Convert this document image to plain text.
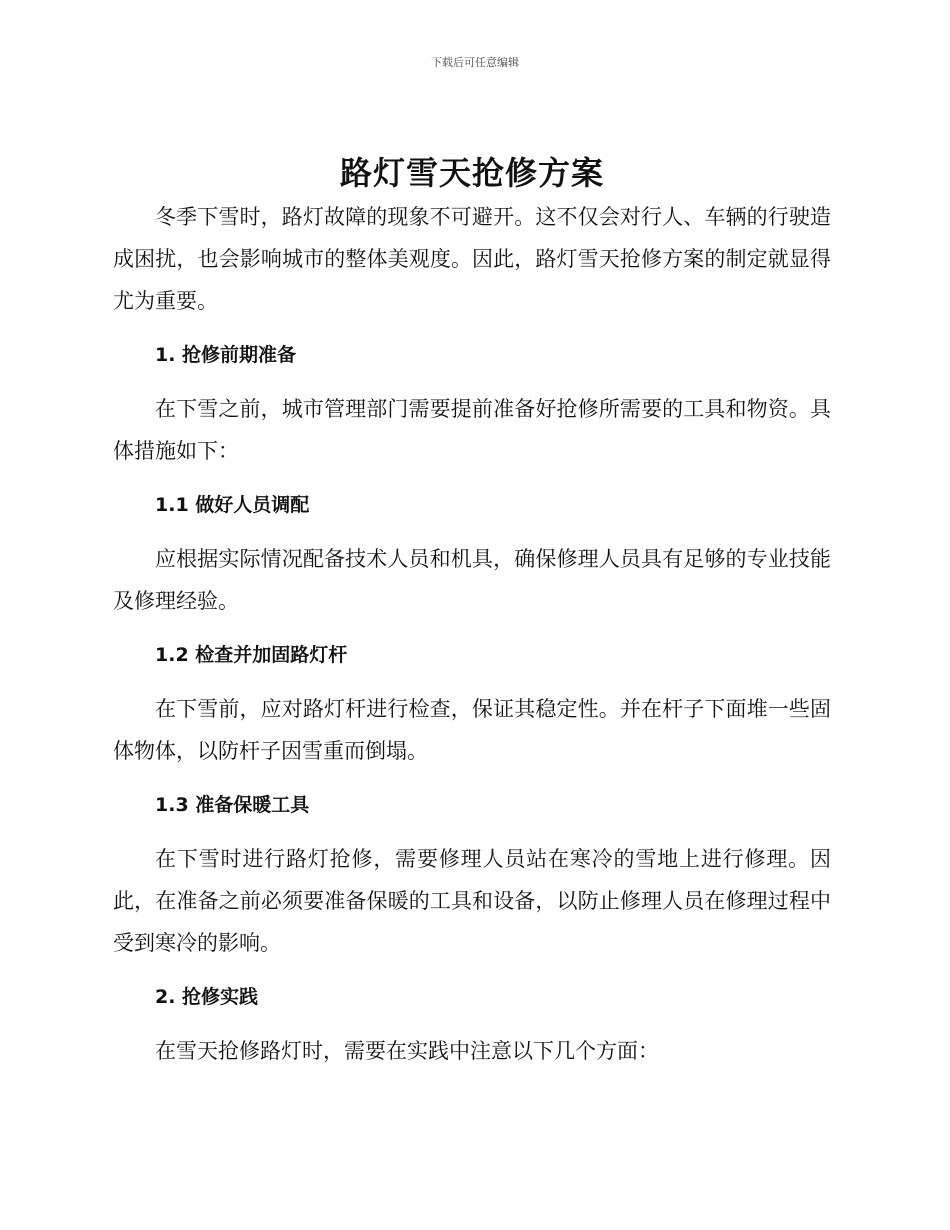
下载后可任意编辑
路灯雪天抢修方案

冬季下雪时，路灯故障的现象不可避开。这不仅会对行人、车辆的行驶造成困扰，也会影响城市的整体美观度。因此，路灯雪天抢修方案的制定就显得尤为重要。

1. 抢修前期准备

在下雪之前，城市管理部门需要提前准备好抢修所需要的工具和物资。具体措施如下：

1.1 做好人员调配

应根据实际情况配备技术人员和机具，确保修理人员具有足够的专业技能及修理经验。

1.2 检查并加固路灯杆

在下雪前，应对路灯杆进行检查，保证其稳定性。并在杆子下面堆一些固体物体，以防杆子因雪重而倒塌。

1.3 准备保暖工具

在下雪时进行路灯抢修，需要修理人员站在寒冷的雪地上进行修理。因此，在准备之前必须要准备保暖的工具和设备，以防止修理人员在修理过程中受到寒冷的影响。

2. 抢修实践

在雪天抢修路灯时，需要在实践中注意以下几个方面：
